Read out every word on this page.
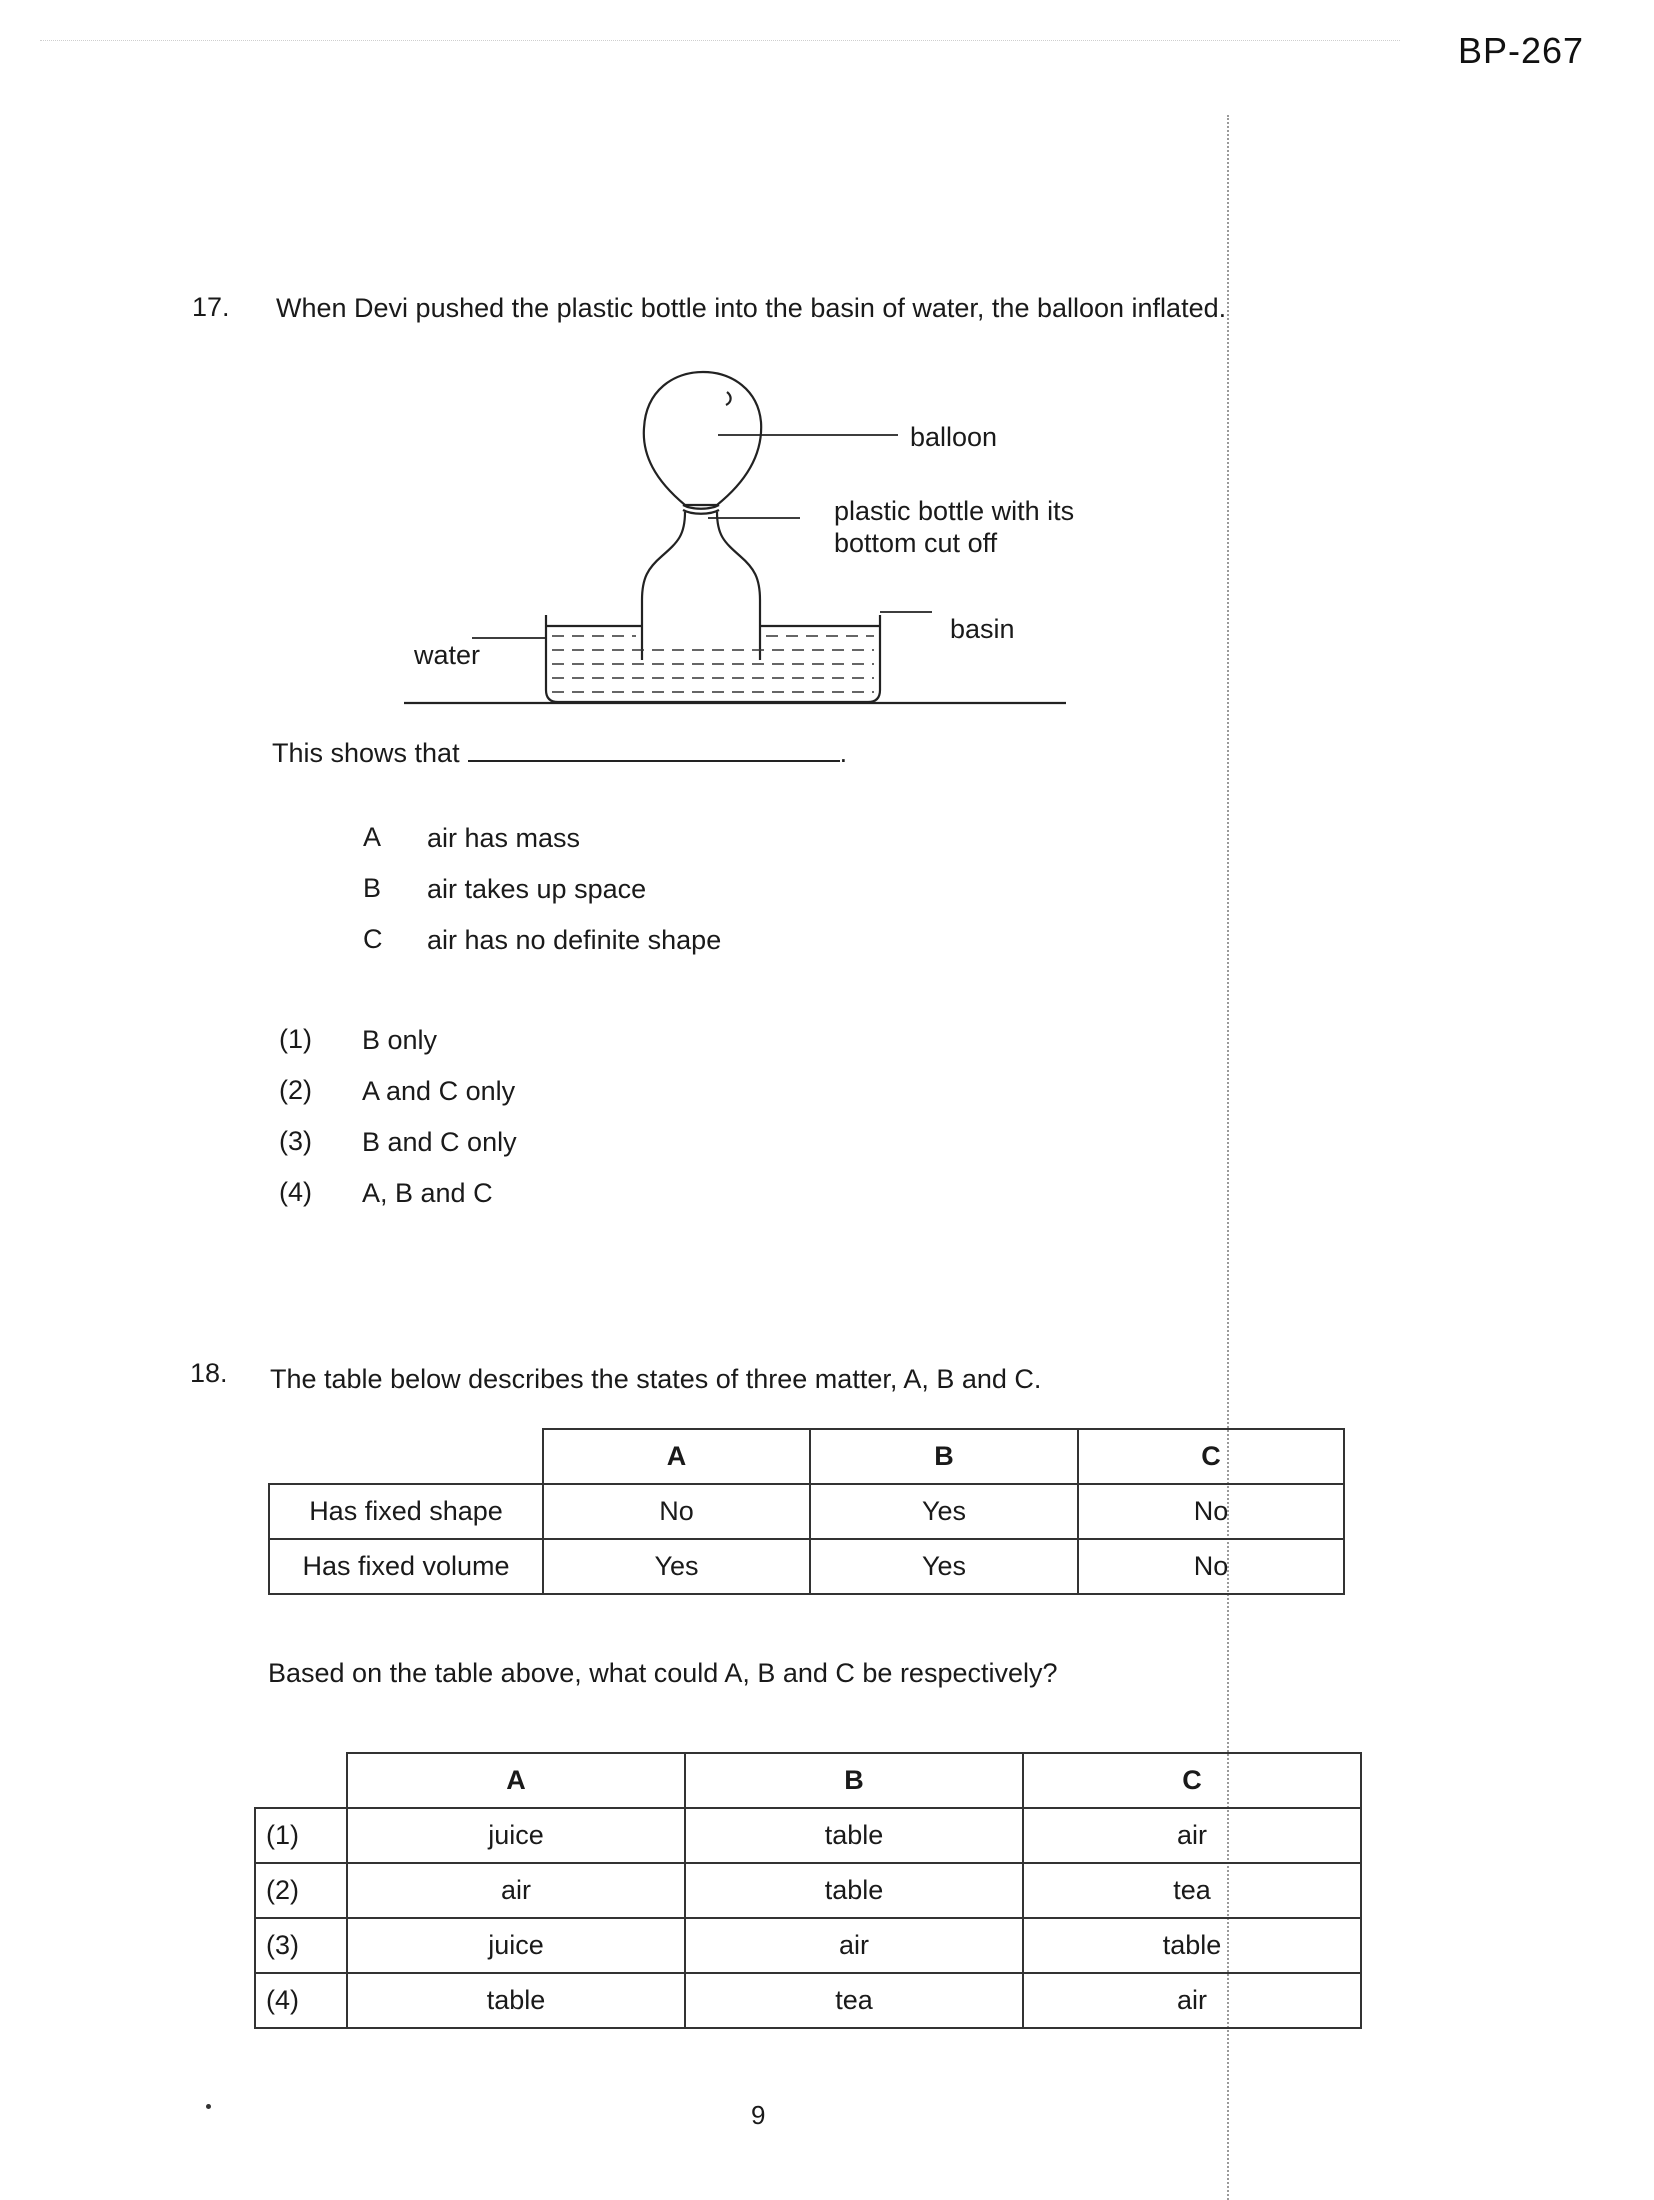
BP-267
17. When Devi pushed the plastic bottle into the basin of water, the balloon inflated.
balloon
plastic bottle with its
bottom cut off
basin
water
This shows that	.
A air has mass
B air takes up space
C air has no definite shape
(1) B only
(2) A and C only
(3) B and C only
(4) A, B and C
18. The table below describes the states of three matter, A, B and C.
	A	B	C
Has fixed shape	No	Yes	No
Has fixed volume	Yes	Yes	No
Based on the table above, what could A, B and C be respectively?
	A	B	C
(1)	juice	table	air
(2)	air	table	tea
(3)	juice	air	table
(4)	table	tea	air
9
